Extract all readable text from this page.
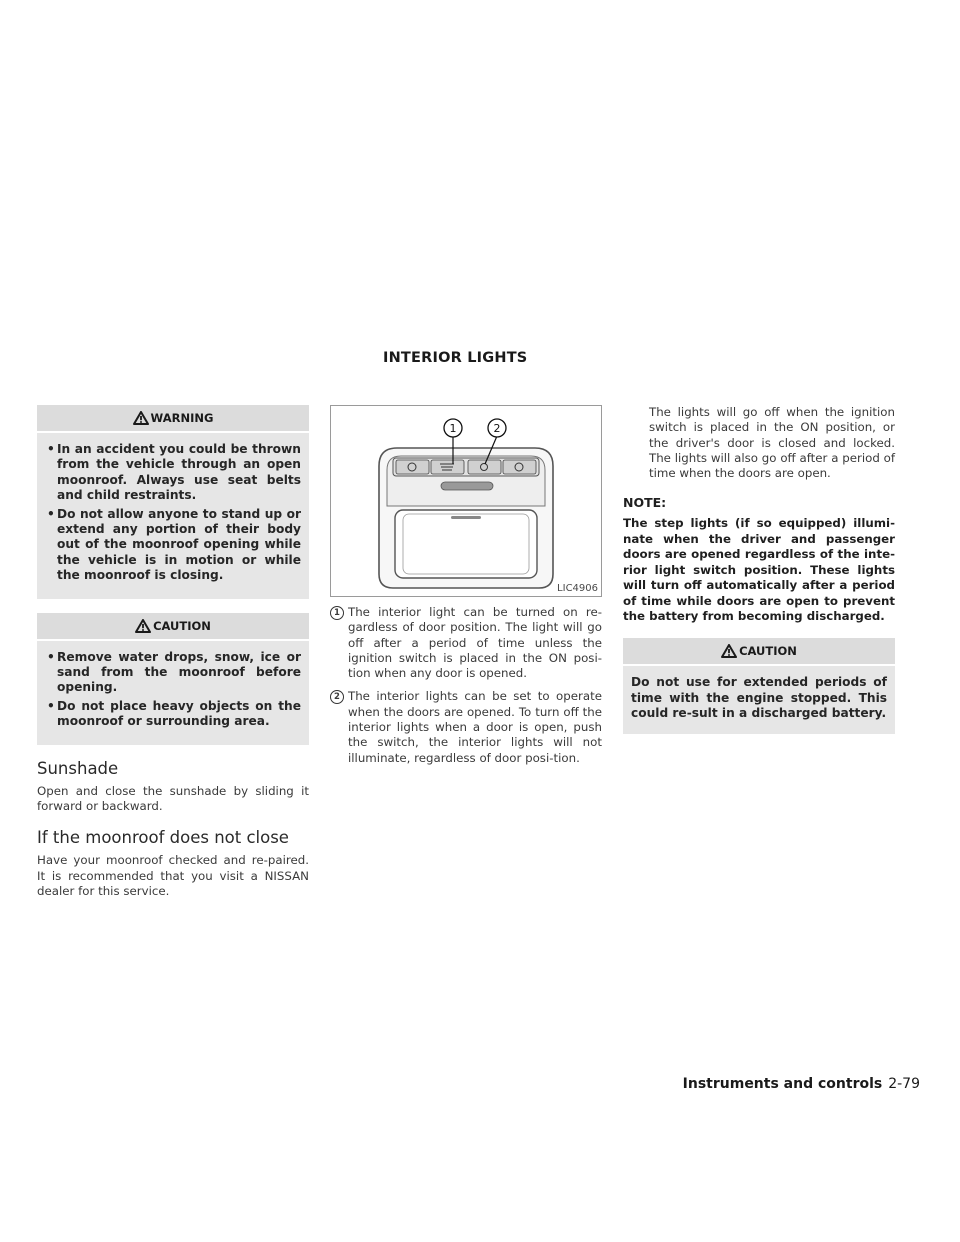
INTERIOR LIGHTS
WARNING
• In an accident you could be thrown from the vehicle through an open moonroof. Always use seat belts and child restraints.
• Do not allow anyone to stand up or extend any portion of their body out of the moonroof opening while the vehicle is in motion or while the moonroof is closing.
CAUTION
• Remove water drops, snow, ice or sand from the moonroof before opening.
• Do not place heavy objects on the moonroof or surrounding area.
Sunshade
Open and close the sunshade by sliding it forward or backward.
If the moonroof does not close
Have your moonroof checked and re-paired. It is recommended that you visit a NISSAN dealer for this service.
1	2
LIC4906
1 The interior light can be turned on re-gardless of door position. The light will go off after a period of time unless the ignition switch is placed in the ON posi-tion when any door is opened.
2 The interior lights can be set to operate when the doors are opened. To turn off the interior lights when a door is open, push the switch, the interior lights will not illuminate, regardless of door posi-tion.
The lights will go off when the ignition switch is placed in the ON position, or the driver's door is closed and locked. The lights will also go off after a period of time when the doors are open.
NOTE:
The step lights (if so equipped) illumi-nate when the driver and passenger doors are opened regardless of the inte-rior light switch position. These lights will turn off automatically after a period of time while doors are open to prevent the battery from becoming discharged.
CAUTION
Do not use for extended periods of time with the engine stopped. This could re-sult in a discharged battery.
Instruments and controls 2-79
